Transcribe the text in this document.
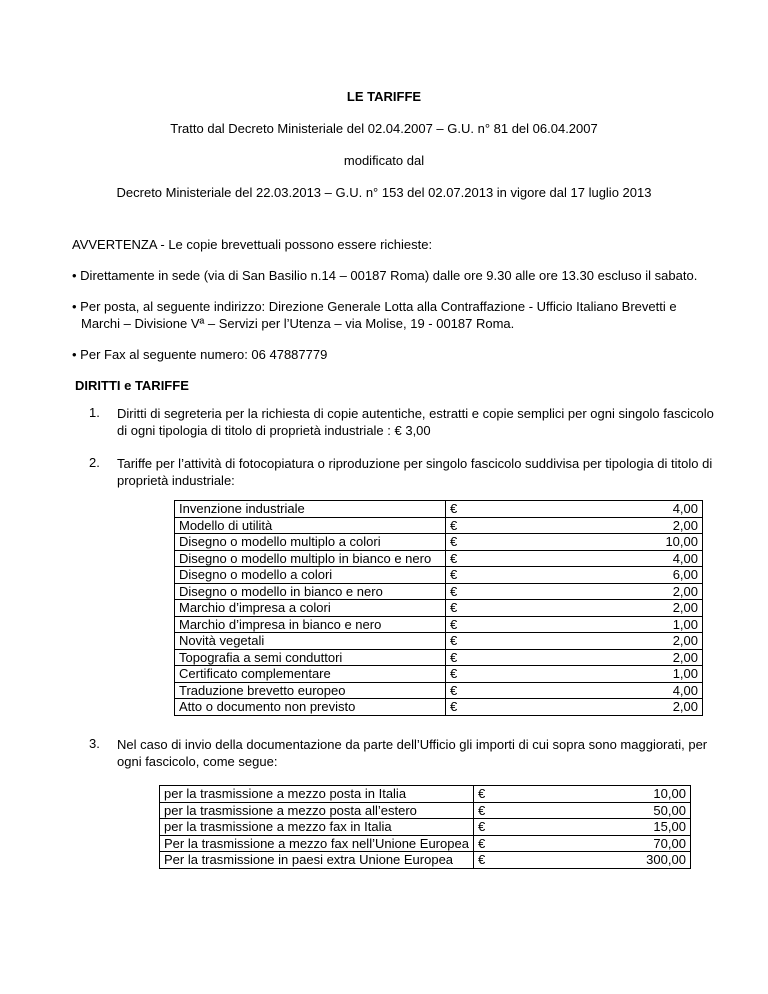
LE TARIFFE
Tratto dal Decreto Ministeriale del 02.04.2007 – G.U. n° 81 del 06.04.2007
modificato dal
Decreto Ministeriale del 22.03.2013 – G.U. n° 153 del 02.07.2013 in vigore dal 17 luglio 2013
AVVERTENZA - Le copie brevettuali possono essere richieste:
• Direttamente in sede (via di San Basilio n.14 – 00187 Roma) dalle ore 9.30 alle ore 13.30 escluso il sabato.
• Per posta, al seguente indirizzo: Direzione Generale Lotta alla Contraffazione - Ufficio Italiano Brevetti e
Marchi – Divisione Vª – Servizi per l’Utenza – via Molise, 19 - 00187 Roma.
• Per Fax al seguente numero: 06 47887779
DIRITTI e TARIFFE
1. Diritti di segreteria per la richiesta di copie autentiche, estratti e copie semplici per ogni singolo fascicolo di ogni tipologia di titolo di proprietà industriale : € 3,00
2. Tariffe per l’attività di fotocopiatura o riproduzione per singolo fascicolo suddivisa per tipologia di titolo di proprietà industriale:
Invenzione industriale	€	4,00
Modello di utilità	€	2,00
Disegno o modello multiplo a colori	€	10,00
Disegno o modello multiplo in bianco e nero	€	4,00
Disegno o modello a colori	€	6,00
Disegno o modello in bianco e nero	€	2,00
Marchio d’impresa a colori	€	2,00
Marchio d’impresa in bianco e nero	€	1,00
Novità vegetali	€	2,00
Topografia a semi conduttori	€	2,00
Certificato complementare	€	1,00
Traduzione brevetto europeo	€	4,00
Atto o documento non previsto	€	2,00
3. Nel caso di invio della documentazione da parte dell’Ufficio gli importi di cui sopra sono maggiorati, per ogni fascicolo, come segue:
per la trasmissione a mezzo posta in Italia	€	10,00
per la trasmissione a mezzo posta all’estero	€	50,00
per la trasmissione a mezzo fax in Italia	€	15,00
Per la trasmissione a mezzo fax nell’Unione Europea	€	70,00
Per la trasmissione in paesi extra Unione Europea	€	300,00
